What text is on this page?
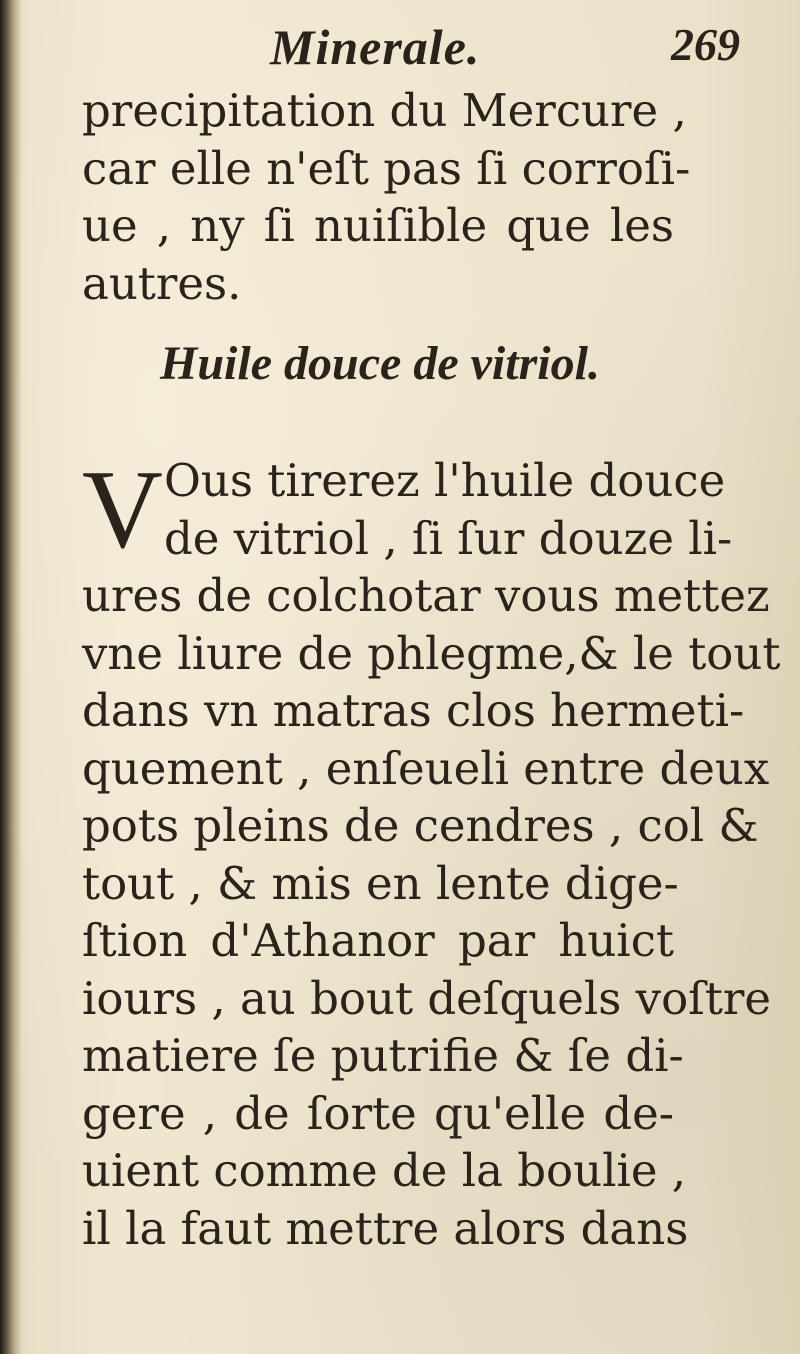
Minerale.	269
precipitation du Mercure ,
car elle n'eſt pas ſi corroſi-
ue , ny ſi nuiſible que les
autres.
Huile douce de vitriol.
V Ous tirerez l'huile douce
de vitriol , ſi ſur douze li-
ures de colchotar vous mettez
vne liure de phlegme,& le tout
dans vn matras clos hermeti-
quement , enſeueli entre deux
pots pleins de cendres , col &
tout , & mis en lente dige-
ſtion d'Athanor par huict
iours , au bout deſquels voſtre
matiere ſe putrifie & ſe di-
gere , de ſorte qu'elle de-
uient comme de la boulie ,
il la faut mettre alors dans
